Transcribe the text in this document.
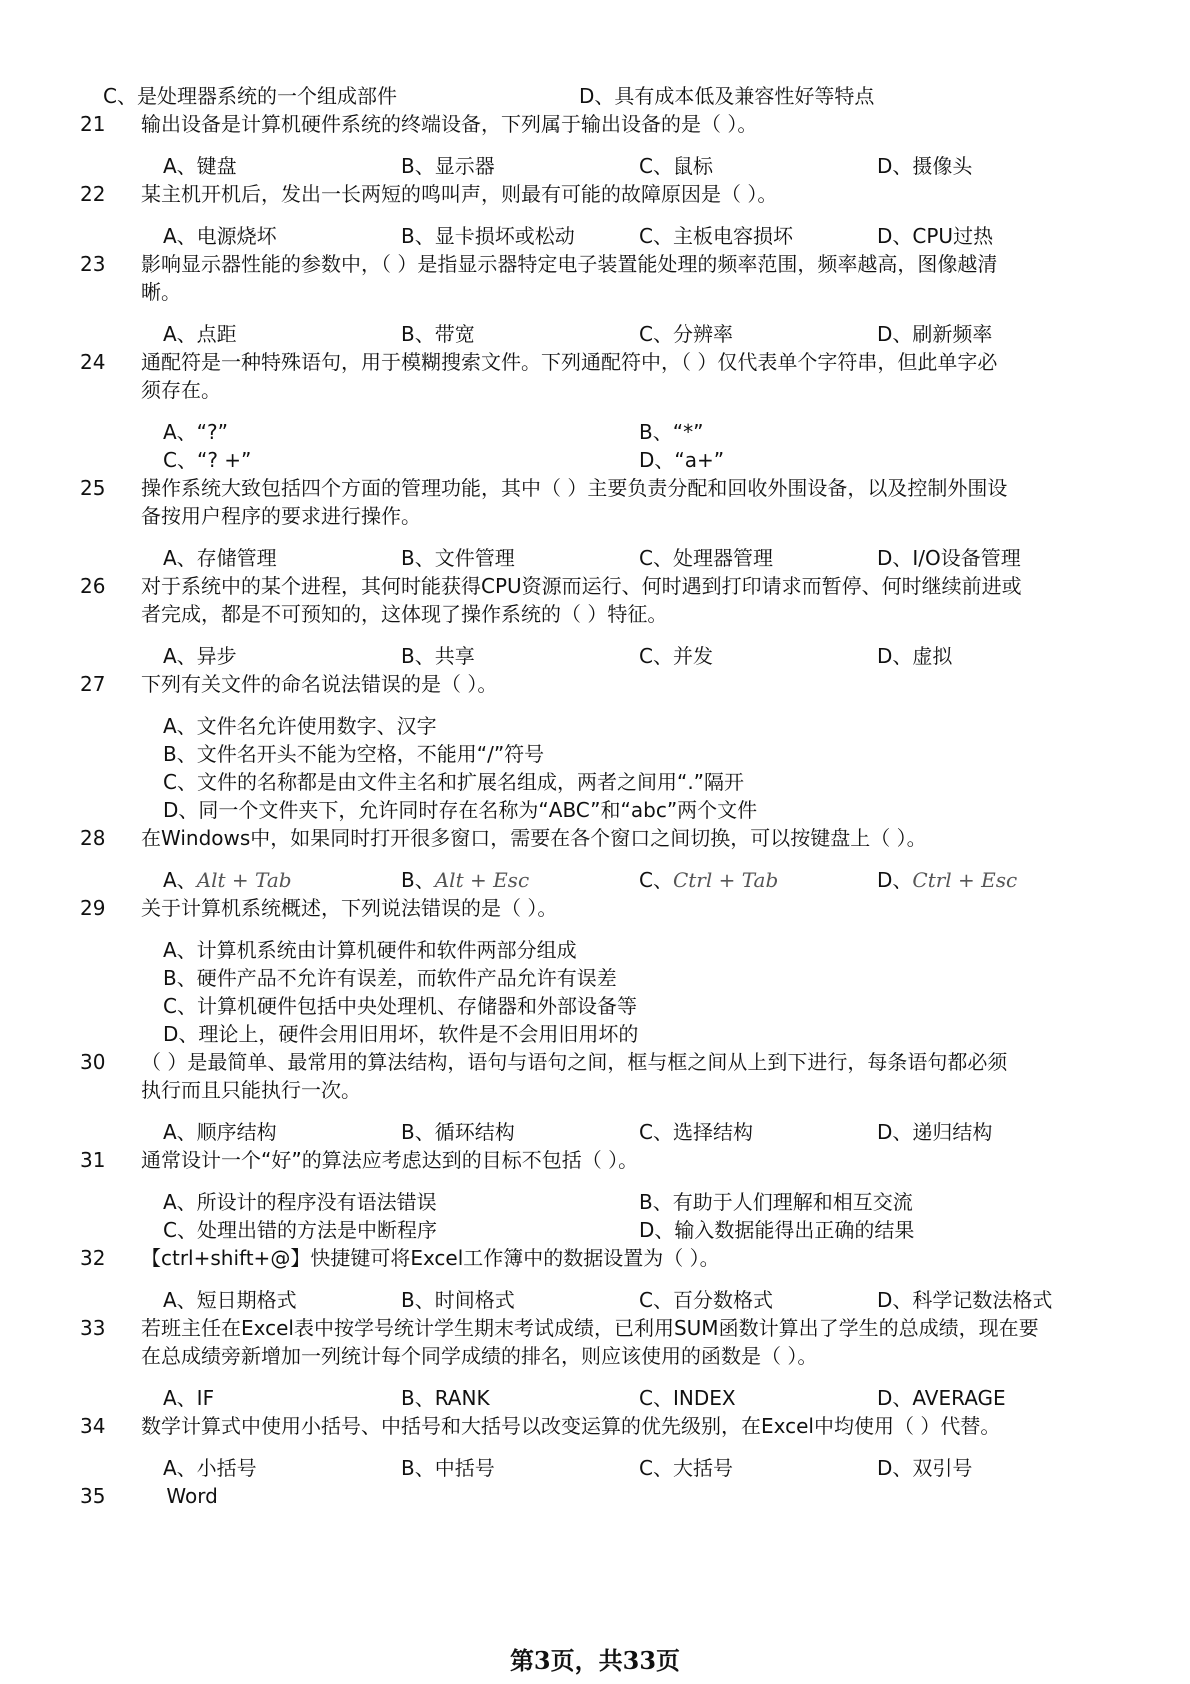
C、是处理器系统的一个组成部件	D、具有成本低及兼容性好等特点
21 输出设备是计算机硬件系统的终端设备，下列属于输出设备的是（ ）。
A、键盘	B、显示器	C、鼠标	D、摄像头
22 某主机开机后，发出一长两短的鸣叫声，则最有可能的故障原因是（ ）。
A、电源烧坏	B、显卡损坏或松动	C、主板电容损坏	D、CPU过热
23 影响显示器性能的参数中，（ ）是指显示器特定电子装置能处理的频率范围，频率越高，图像越清
晰。
A、点距	B、带宽	C、分辨率	D、刷新频率
24 通配符是一种特殊语句，用于模糊搜索文件。下列通配符中，（ ）仅代表单个字符串，但此单字必
须存在。
A、“?”	B、“*”
C、“? +”	D、“a+”
25 操作系统大致包括四个方面的管理功能，其中（ ）主要负责分配和回收外围设备，以及控制外围设
备按用户程序的要求进行操作。
A、存储管理	B、文件管理	C、处理器管理	D、I/O设备管理
26 对于系统中的某个进程，其何时能获得CPU资源而运行、何时遇到打印请求而暂停、何时继续前进或
者完成，都是不可预知的，这体现了操作系统的（ ）特征。
A、异步	B、共享	C、并发	D、虚拟
27 下列有关文件的命名说法错误的是（ ）。
A、文件名允许使用数字、汉字
B、文件名开头不能为空格，不能用“/”符号
C、文件的名称都是由文件主名和扩展名组成，两者之间用“.”隔开
D、同一个文件夹下，允许同时存在名称为“ABC”和“abc”两个文件
28 在Windows中，如果同时打开很多窗口，需要在各个窗口之间切换，可以按键盘上（ ）。
A、Alt + Tab	B、Alt + Esc	C、Ctrl + Tab	D、Ctrl + Esc
29 关于计算机系统概述，下列说法错误的是（ ）。
A、计算机系统由计算机硬件和软件两部分组成
B、硬件产品不允许有误差，而软件产品允许有误差
C、计算机硬件包括中央处理机、存储器和外部设备等
D、理论上，硬件会用旧用坏，软件是不会用旧用坏的
30 （ ）是最简单、最常用的算法结构，语句与语句之间，框与框之间从上到下进行，每条语句都必须
执行而且只能执行一次。
A、顺序结构	B、循环结构	C、选择结构	D、递归结构
31 通常设计一个“好”的算法应考虑达到的目标不包括（ ）。
A、所设计的程序没有语法错误	B、有助于人们理解和相互交流
C、处理出错的方法是中断程序	D、输入数据能得出正确的结果
32 【ctrl+shift+@】快捷键可将Excel工作簿中的数据设置为（ ）。
A、短日期格式	B、时间格式	C、百分数格式	D、科学记数法格式
33 若班主任在Excel表中按学号统计学生期末考试成绩，已利用SUM函数计算出了学生的总成绩，现在要
在总成绩旁新增加一列统计每个同学成绩的排名，则应该使用的函数是（ ）。
A、IF	B、RANK	C、INDEX	D、AVERAGE
34 数学计算式中使用小括号、中括号和大括号以改变运算的优先级别，在Excel中均使用（ ）代替。
A、小括号	B、中括号	C、大括号	D、双引号
35 Word
第3页，共33页
